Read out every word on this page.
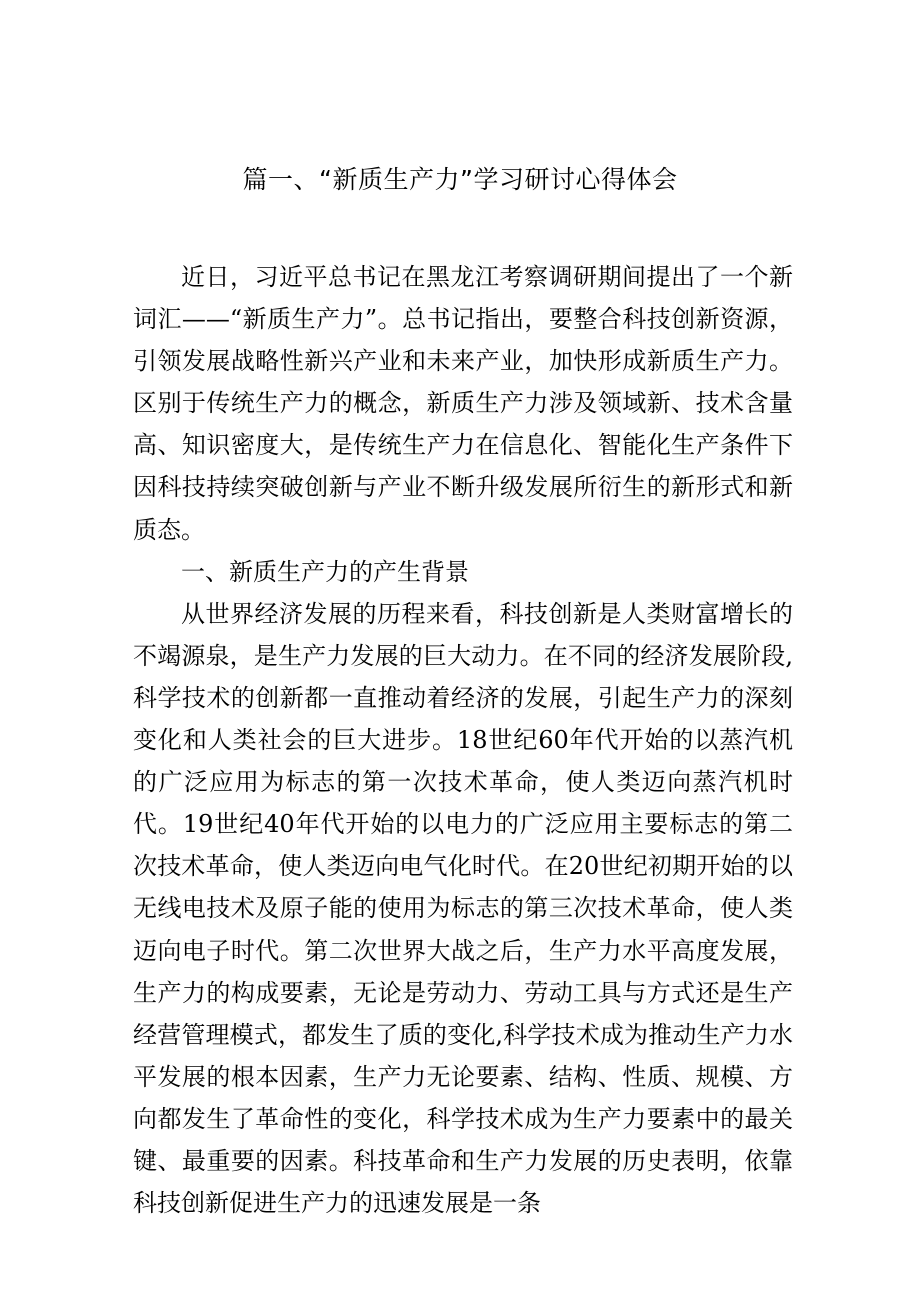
篇一、“新质生产力”学习研讨心得体会

近日，习近平总书记在黑龙江考察调研期间提出了一个新词汇——“新质生产力”。总书记指出，要整合科技创新资源，引领发展战略性新兴产业和未来产业，加快形成新质生产力。区别于传统生产力的概念，新质生产力涉及领域新、技术含量高、知识密度大，是传统生产力在信息化、智能化生产条件下因科技持续突破创新与产业不断升级发展所衍生的新形式和新质态。

一、新质生产力的产生背景

从世界经济发展的历程来看，科技创新是人类财富增长的不竭源泉，是生产力发展的巨大动力。在不同的经济发展阶段,科学技术的创新都一直推动着经济的发展，引起生产力的深刻变化和人类社会的巨大进步。18世纪60年代开始的以蒸汽机的广泛应用为标志的第一次技术革命，使人类迈向蒸汽机时代。19世纪40年代开始的以电力的广泛应用主要标志的第二次技术革命，使人类迈向电气化时代。在20世纪初期开始的以无线电技术及原子能的使用为标志的第三次技术革命，使人类迈向电子时代。第二次世界大战之后，生产力水平高度发展，生产力的构成要素，无论是劳动力、劳动工具与方式还是生产经营管理模式，都发生了质的变化,科学技术成为推动生产力水平发展的根本因素，生产力无论要素、结构、性质、规模、方向都发生了革命性的变化，科学技术成为生产力要素中的最关键、最重要的因素。科技革命和生产力发展的历史表明，依靠科技创新促进生产力的迅速发展是一条
